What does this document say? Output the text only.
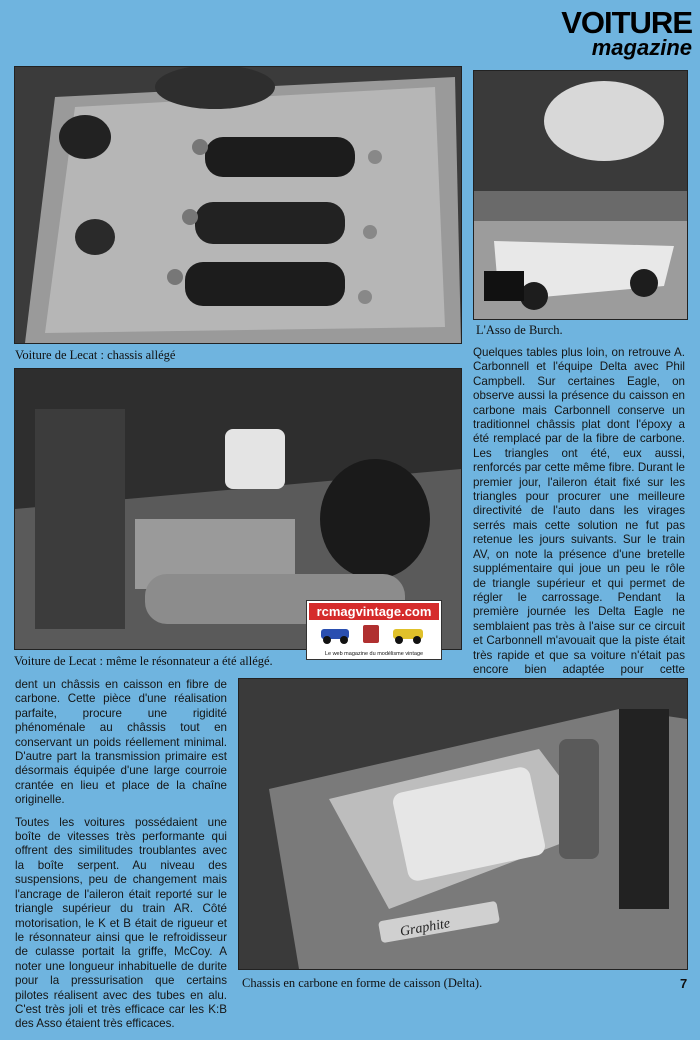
VOITURE
magazine
Voiture de Lecat : chassis allégé
L'Asso de Burch.

Quelques tables plus loin, on retrouve A. Carbonnell et l'équipe Delta avec Phil Campbell. Sur certaines Eagle, on observe aussi la présence du caisson en carbone mais Carbonnell conserve un traditionnel châssis plat dont l'époxy a été remplacé par de la fibre de carbone. Les triangles ont été, eux aussi, renforcés par cette même fibre. Durant le premier jour, l'aileron était fixé sur les triangles pour procurer une meilleure directivité de l'auto dans les virages serrés mais cette solution ne fut pas retenue les jours suivants. Sur le train AV, on note la présence d'une bretelle supplémentaire qui joue un peu le rôle de triangle supérieur et qui permet de régler le carrossage. Pendant la première journée les Delta Eagle ne semblaient pas très à l'aise sur ce circuit et Carbonnell m'avouait que la piste était très rapide et que sa voiture n'était pas encore bien adaptée pour cette

rcmagvintage.com
Le web magazine du modélisme vintage
Voiture de Lecat : même le résonnateur a été allégé.

dent un châssis en caisson en fibre de carbone. Cette pièce d'une réalisation parfaite, procure une rigidité phénoménale au châssis tout en conservant un poids réellement minimal. D'autre part la transmission primaire est désormais équipée d'une large courroie crantée en lieu et place de la chaîne originelle.

Toutes les voitures possédaient une boîte de vitesses très performante qui offrent des similitudes troublantes avec la boîte serpent. Au niveau des suspensions, peu de changement mais l'ancrage de l'aileron était reporté sur le triangle supérieur du train AR. Côté motorisation, le K et B était de rigueur et le résonnateur ainsi que le refroidisseur de culasse portait la griffe, McCoy. A noter une longueur inhabituelle de durite pour la pressurisation que certains pilotes réalisent avec des tubes en alu. C'est très joli et très efficace car les K:B des Asso étaient très efficaces.

Graphite
Chassis en carbone en forme de caisson (Delta).	7
